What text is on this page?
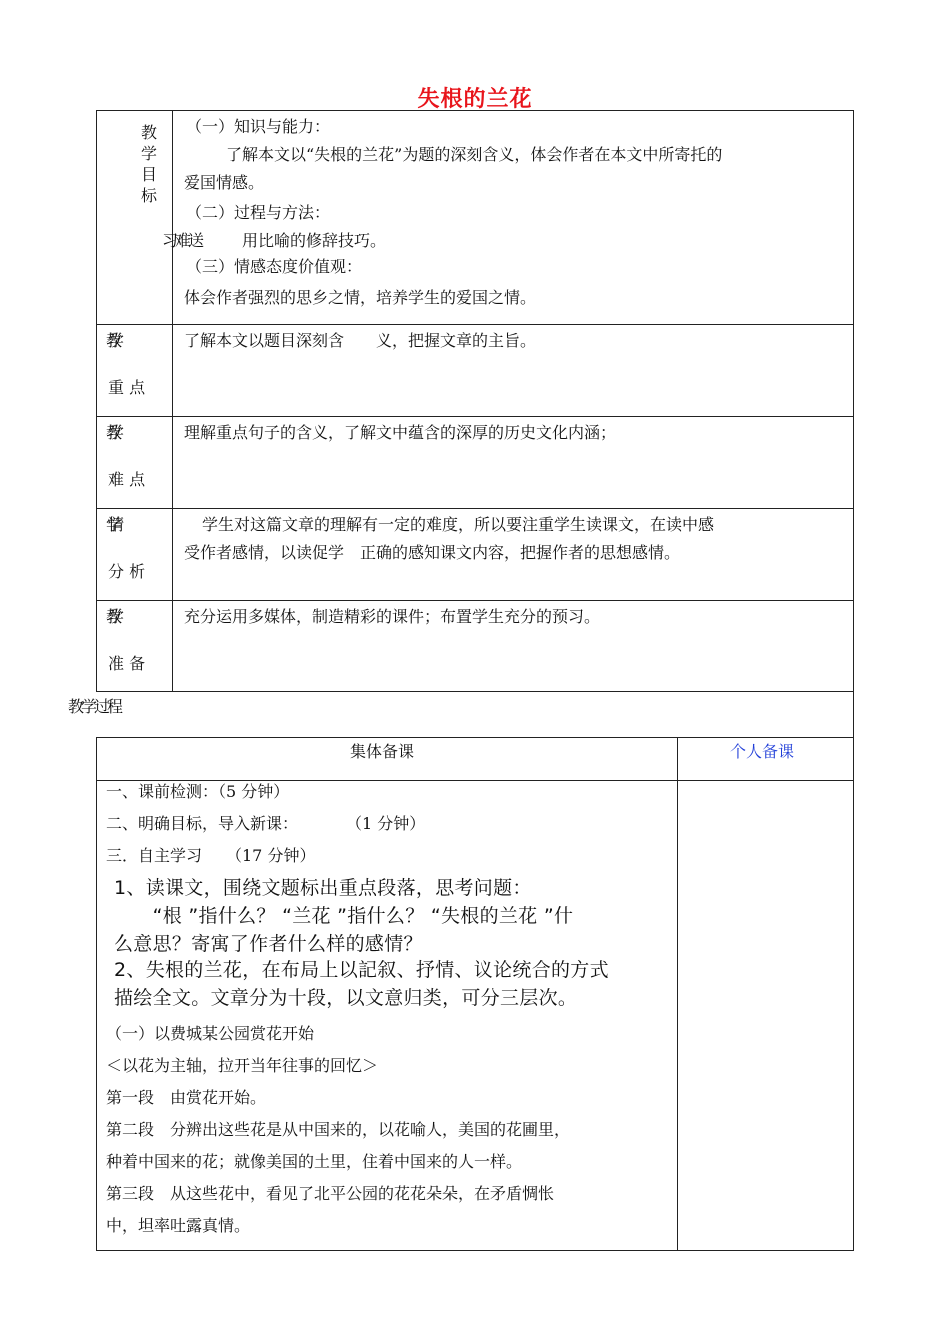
失根的兰花
教学目标
习难送
（一）知识与能力：
了解本文以“失根的兰花”为题的深刻含义，体会作者在本文中所寄托的
爱国情感。
（二）过程与方法：
用比喻的修辞技巧。
（三）情感态度价值观：
体会作者强烈的思乡之情，培养学生的爱国之情。
教学
重 点
了解本文以题目深刻含　　义，把握文章的主旨。
教学
难 点
理解重点句子的含义，了解文中蕴含的深厚的历史文化内涵；
学情
分 析
学生对这篇文章的理解有一定的难度，所以要注重学生读课文，在读中感
受作者感情，以读促学　正确的感知课文内容，把握作者的思想感情。
教学
准 备
充分运用多媒体，制造精彩的课件；布置学生充分的预习。
教学过程
集体备课	个人备课
一、课前检测：（5 分钟）
二、明确目标，导入新课：　　　　（1 分钟）
三．自主学习　　（17 分钟）
1、读课文，围绕文题标出重点段落，思考问题：
　　“根 ”指什么？ “兰花 ”指什么？ “失根的兰花 ”什
么意思？寄寓了作者什么样的感情？
2、失根的兰花，在布局上以記叙、抒情、议论统合的方式
描绘全文。文章分为十段，以文意归类，可分三层次。
（一）以费城某公园赏花开始
＜以花为主轴，拉开当年往事的回忆＞
第一段　由赏花开始。
第二段　分辨出这些花是从中国来的，以花喻人，美国的花圃里，
种着中国来的花；就像美国的土里，住着中国来的人一样。
第三段　从这些花中，看见了北平公园的花花朵朵，在矛盾惆怅
中，坦率吐露真情。
